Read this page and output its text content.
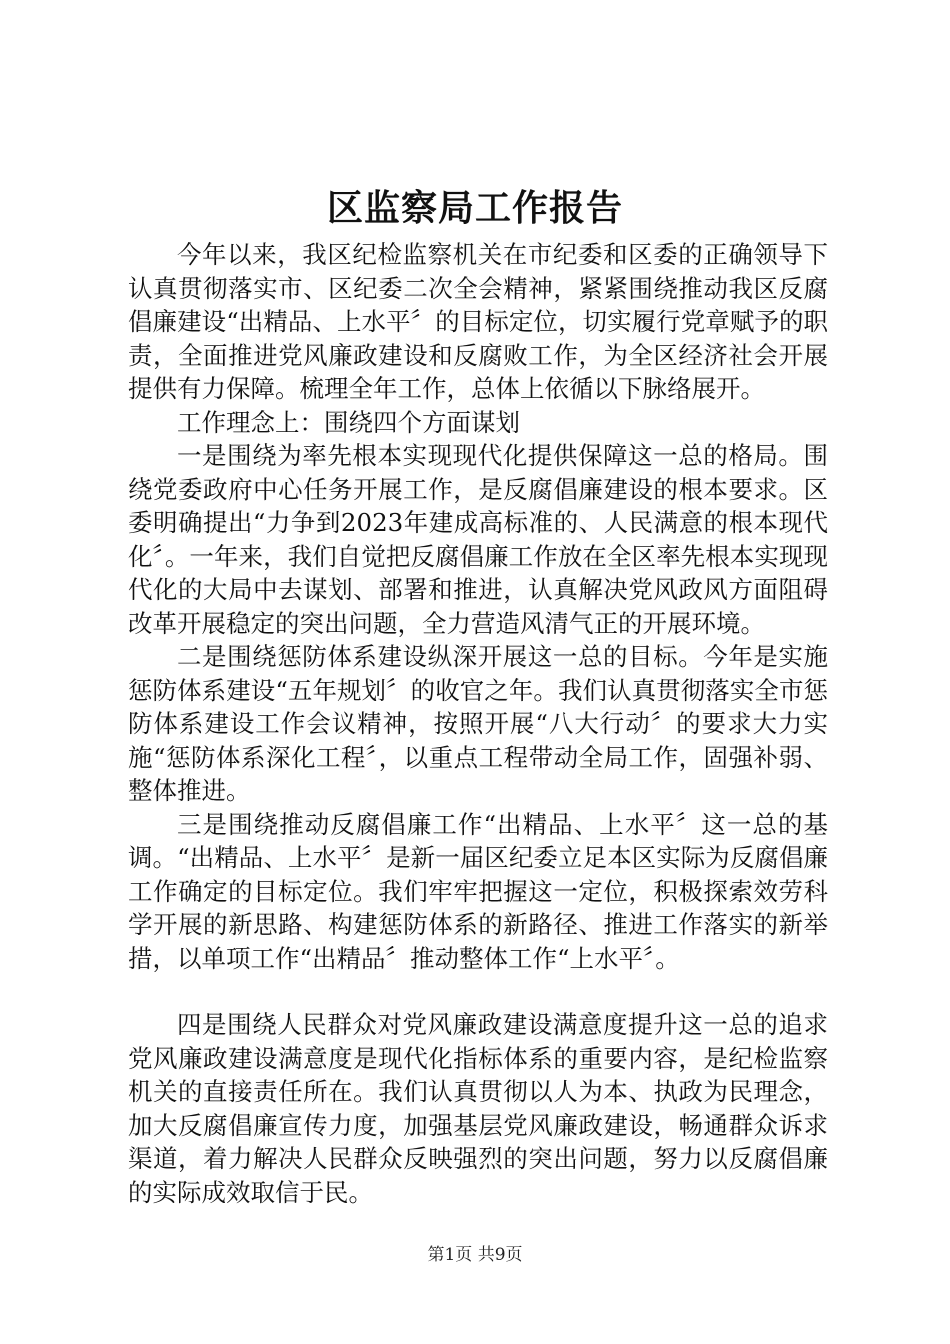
区监察局工作报告

今年以来，我区纪检监察机关在市纪委和区委的正确领导下认真贯彻落实市、区纪委二次全会精神，紧紧围绕推动我区反腐倡廉建设“出精品、上水平〞的目标定位，切实履行党章赋予的职责，全面推进党风廉政建设和反腐败工作，为全区经济社会开展提供有力保障。梳理全年工作，总体上依循以下脉络展开。

工作理念上：围绕四个方面谋划

一是围绕为率先根本实现现代化提供保障这一总的格局。围绕党委政府中心任务开展工作，是反腐倡廉建设的根本要求。区委明确提出“力争到2023年建成高标准的、人民满意的根本现代化〞。一年来，我们自觉把反腐倡廉工作放在全区率先根本实现现代化的大局中去谋划、部署和推进，认真解决党风政风方面阻碍改革开展稳定的突出问题，全力营造风清气正的开展环境。

二是围绕惩防体系建设纵深开展这一总的目标。今年是实施惩防体系建设“五年规划〞的收官之年。我们认真贯彻落实全市惩防体系建设工作会议精神，按照开展“八大行动〞的要求大力实施“惩防体系深化工程〞，以重点工程带动全局工作，固强补弱、整体推进。

三是围绕推动反腐倡廉工作“出精品、上水平〞这一总的基调。“出精品、上水平〞是新一届区纪委立足本区实际为反腐倡廉工作确定的目标定位。我们牢牢把握这一定位，积极探索效劳科学开展的新思路、构建惩防体系的新路径、推进工作落实的新举措，以单项工作“出精品〞推动整体工作“上水平〞。

四是围绕人民群众对党风廉政建设满意度提升这一总的追求党风廉政建设满意度是现代化指标体系的重要内容，是纪检监察机关的直接责任所在。我们认真贯彻以人为本、执政为民理念，加大反腐倡廉宣传力度，加强基层党风廉政建设，畅通群众诉求渠道，着力解决人民群众反映强烈的突出问题，努力以反腐倡廉的实际成效取信于民。

第1页 共9页
